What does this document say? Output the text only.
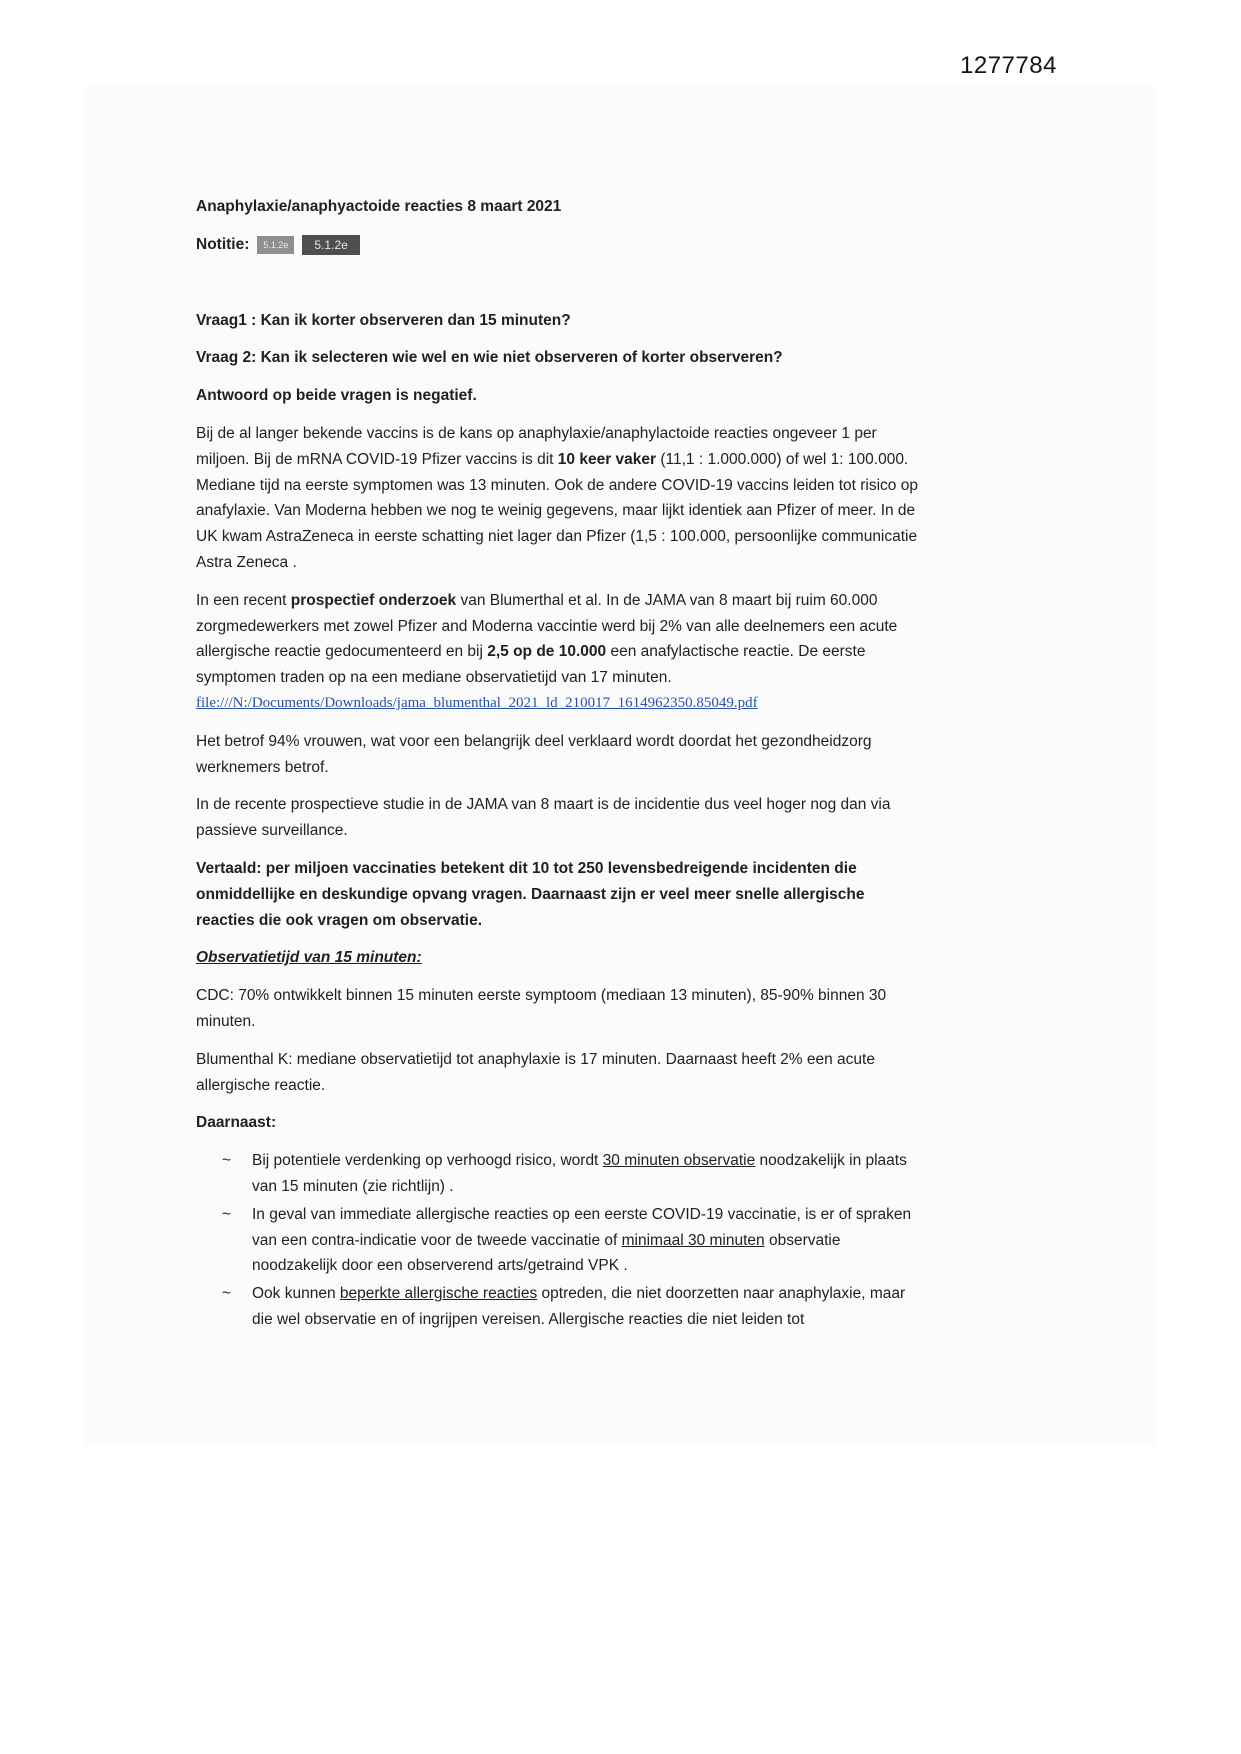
1277784

Anaphylaxie/anaphyactoide reacties 8 maart 2021

Notitie:	5.1.2e	5.1.2e

Vraag1 : Kan ik korter observeren dan 15 minuten?

Vraag 2: Kan ik selecteren wie wel en wie niet observeren of korter observeren?

Antwoord op beide vragen is negatief.

Bij de al langer bekende vaccins is de kans op anaphylaxie/anaphylactoide reacties ongeveer 1 per miljoen. Bij de mRNA COVID-19 Pfizer vaccins is dit 10 keer vaker (11,1 : 1.000.000) of wel 1: 100.000. Mediane tijd na eerste symptomen was 13 minuten. Ook de andere COVID-19 vaccins leiden tot risico op anafylaxie. Van Moderna hebben we nog te weinig gegevens, maar lijkt identiek aan Pfizer of meer. In de UK kwam AstraZeneca in eerste schatting niet lager dan Pfizer (1,5 : 100.000, persoonlijke communicatie Astra Zeneca .

In een recent prospectief onderzoek van Blumerthal et al. In de JAMA van 8 maart bij ruim 60.000 zorgmedewerkers met zowel Pfizer and Moderna vaccintie werd bij 2% van alle deelnemers een acute allergische reactie gedocumenteerd en bij 2,5 op de 10.000 een anafylactische reactie. De eerste symptomen traden op na een mediane observatietijd van 17 minuten.
file:///N:/Documents/Downloads/jama_blumenthal_2021_ld_210017_1614962350.85049.pdf

Het betrof 94% vrouwen, wat voor een belangrijk deel verklaard wordt doordat het gezondheidzorg werknemers betrof.

In de recente prospectieve studie in de JAMA van 8 maart is de incidentie dus veel hoger nog dan via passieve surveillance.

Vertaald: per miljoen vaccinaties betekent dit 10 tot 250 levensbedreigende incidenten die onmiddellijke en deskundige opvang vragen. Daarnaast zijn er veel meer snelle allergische reacties die ook vragen om observatie.

Observatietijd van 15 minuten:

CDC: 70% ontwikkelt binnen 15 minuten eerste symptoom (mediaan 13 minuten), 85-90% binnen 30 minuten.

Blumenthal K: mediane observatietijd tot anaphylaxie is 17 minuten. Daarnaast heeft 2% een acute allergische reactie.

Daarnaast:

~	Bij potentiele verdenking op verhoogd risico, wordt 30 minuten observatie noodzakelijk in plaats van 15 minuten (zie richtlijn) .
~	In geval van immediate allergische reacties op een eerste COVID-19 vaccinatie, is er of spraken van een contra-indicatie voor de tweede vaccinatie of minimaal 30 minuten observatie noodzakelijk door een observerend arts/getraind VPK .
~	Ook kunnen beperkte allergische reacties optreden, die niet doorzetten naar anaphylaxie, maar die wel observatie en of ingrijpen vereisen. Allergische reacties die niet leiden tot
